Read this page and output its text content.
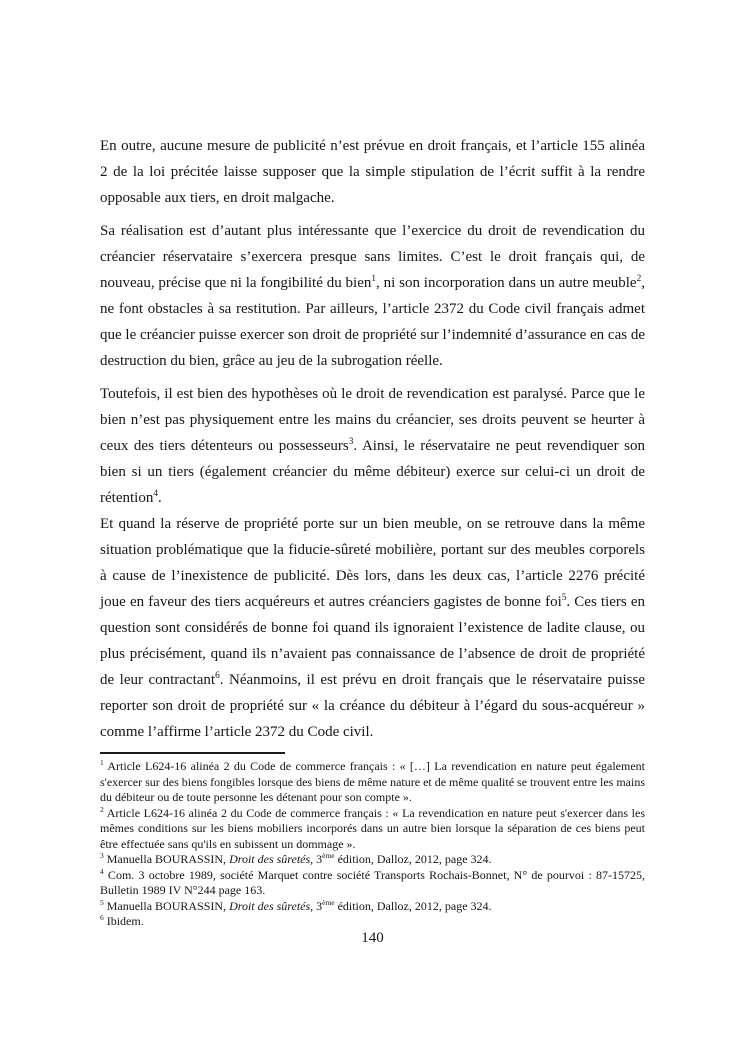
En outre, aucune mesure de publicité n’est prévue en droit français, et l’article 155 alinéa 2 de la loi précitée laisse supposer que la simple stipulation de l’écrit suffit à la rendre opposable aux tiers, en droit malgache.

Sa réalisation est d’autant plus intéressante que l’exercice du droit de revendication du créancier réservataire s’exercera presque sans limites. C’est le droit français qui, de nouveau, précise que ni la fongibilité du bien$^1$, ni son incorporation dans un autre meuble$^2$, ne font obstacles à sa restitution. Par ailleurs, l’article 2372 du Code civil français admet que le créancier puisse exercer son droit de propriété sur l’indemnité d’assurance en cas de destruction du bien, grâce au jeu de la subrogation réelle.

Toutefois, il est bien des hypothèses où le droit de revendication est paralysé. Parce que le bien n’est pas physiquement entre les mains du créancier, ses droits peuvent se heurter à ceux des tiers détenteurs ou possesseurs$^3$. Ainsi, le réservataire ne peut revendiquer son bien si un tiers (également créancier du même débiteur) exerce sur celui-ci un droit de rétention$^4$.

Et quand la réserve de propriété porte sur un bien meuble, on se retrouve dans la même situation problématique que la fiducie-sûreté mobilière, portant sur des meubles corporels à cause de l’inexistence de publicité. Dès lors, dans les deux cas, l’article 2276 précité joue en faveur des tiers acquéreurs et autres créanciers gagistes de bonne foi$^5$. Ces tiers en question sont considérés de bonne foi quand ils ignoraient l’existence de ladite clause, ou plus précisément, quand ils n’avaient pas connaissance de l’absence de droit de propriété de leur contractant$^6$. Néanmoins, il est prévu en droit français que le réservataire puisse reporter son droit de propriété sur « la créance du débiteur à l’égard du sous-acquéreur » comme l’affirme l’article 2372 du Code civil.

$^1$ Article L624-16 alinéa 2 du Code de commerce français : « […] La revendication en nature peut également s'exercer sur des biens fongibles lorsque des biens de même nature et de même qualité se trouvent entre les mains du débiteur ou de toute personne les détenant pour son compte ».
$^2$ Article L624-16 alinéa 2 du Code de commerce français : « La revendication en nature peut s'exercer dans les mêmes conditions sur les biens mobiliers incorporés dans un autre bien lorsque la séparation de ces biens peut être effectuée sans qu'ils en subissent un dommage ».
$^3$ Manuella BOURASSIN, Droit des sûretés, 3ème édition, Dalloz, 2012, page 324.
$^4$ Com. 3 octobre 1989, société Marquet contre société Transports Rochais-Bonnet, N° de pourvoi : 87-15725, Bulletin 1989 IV N°244 page 163.
$^5$ Manuella BOURASSIN, Droit des sûretés, 3ème édition, Dalloz, 2012, page 324.
$^6$ Ibidem.
140
